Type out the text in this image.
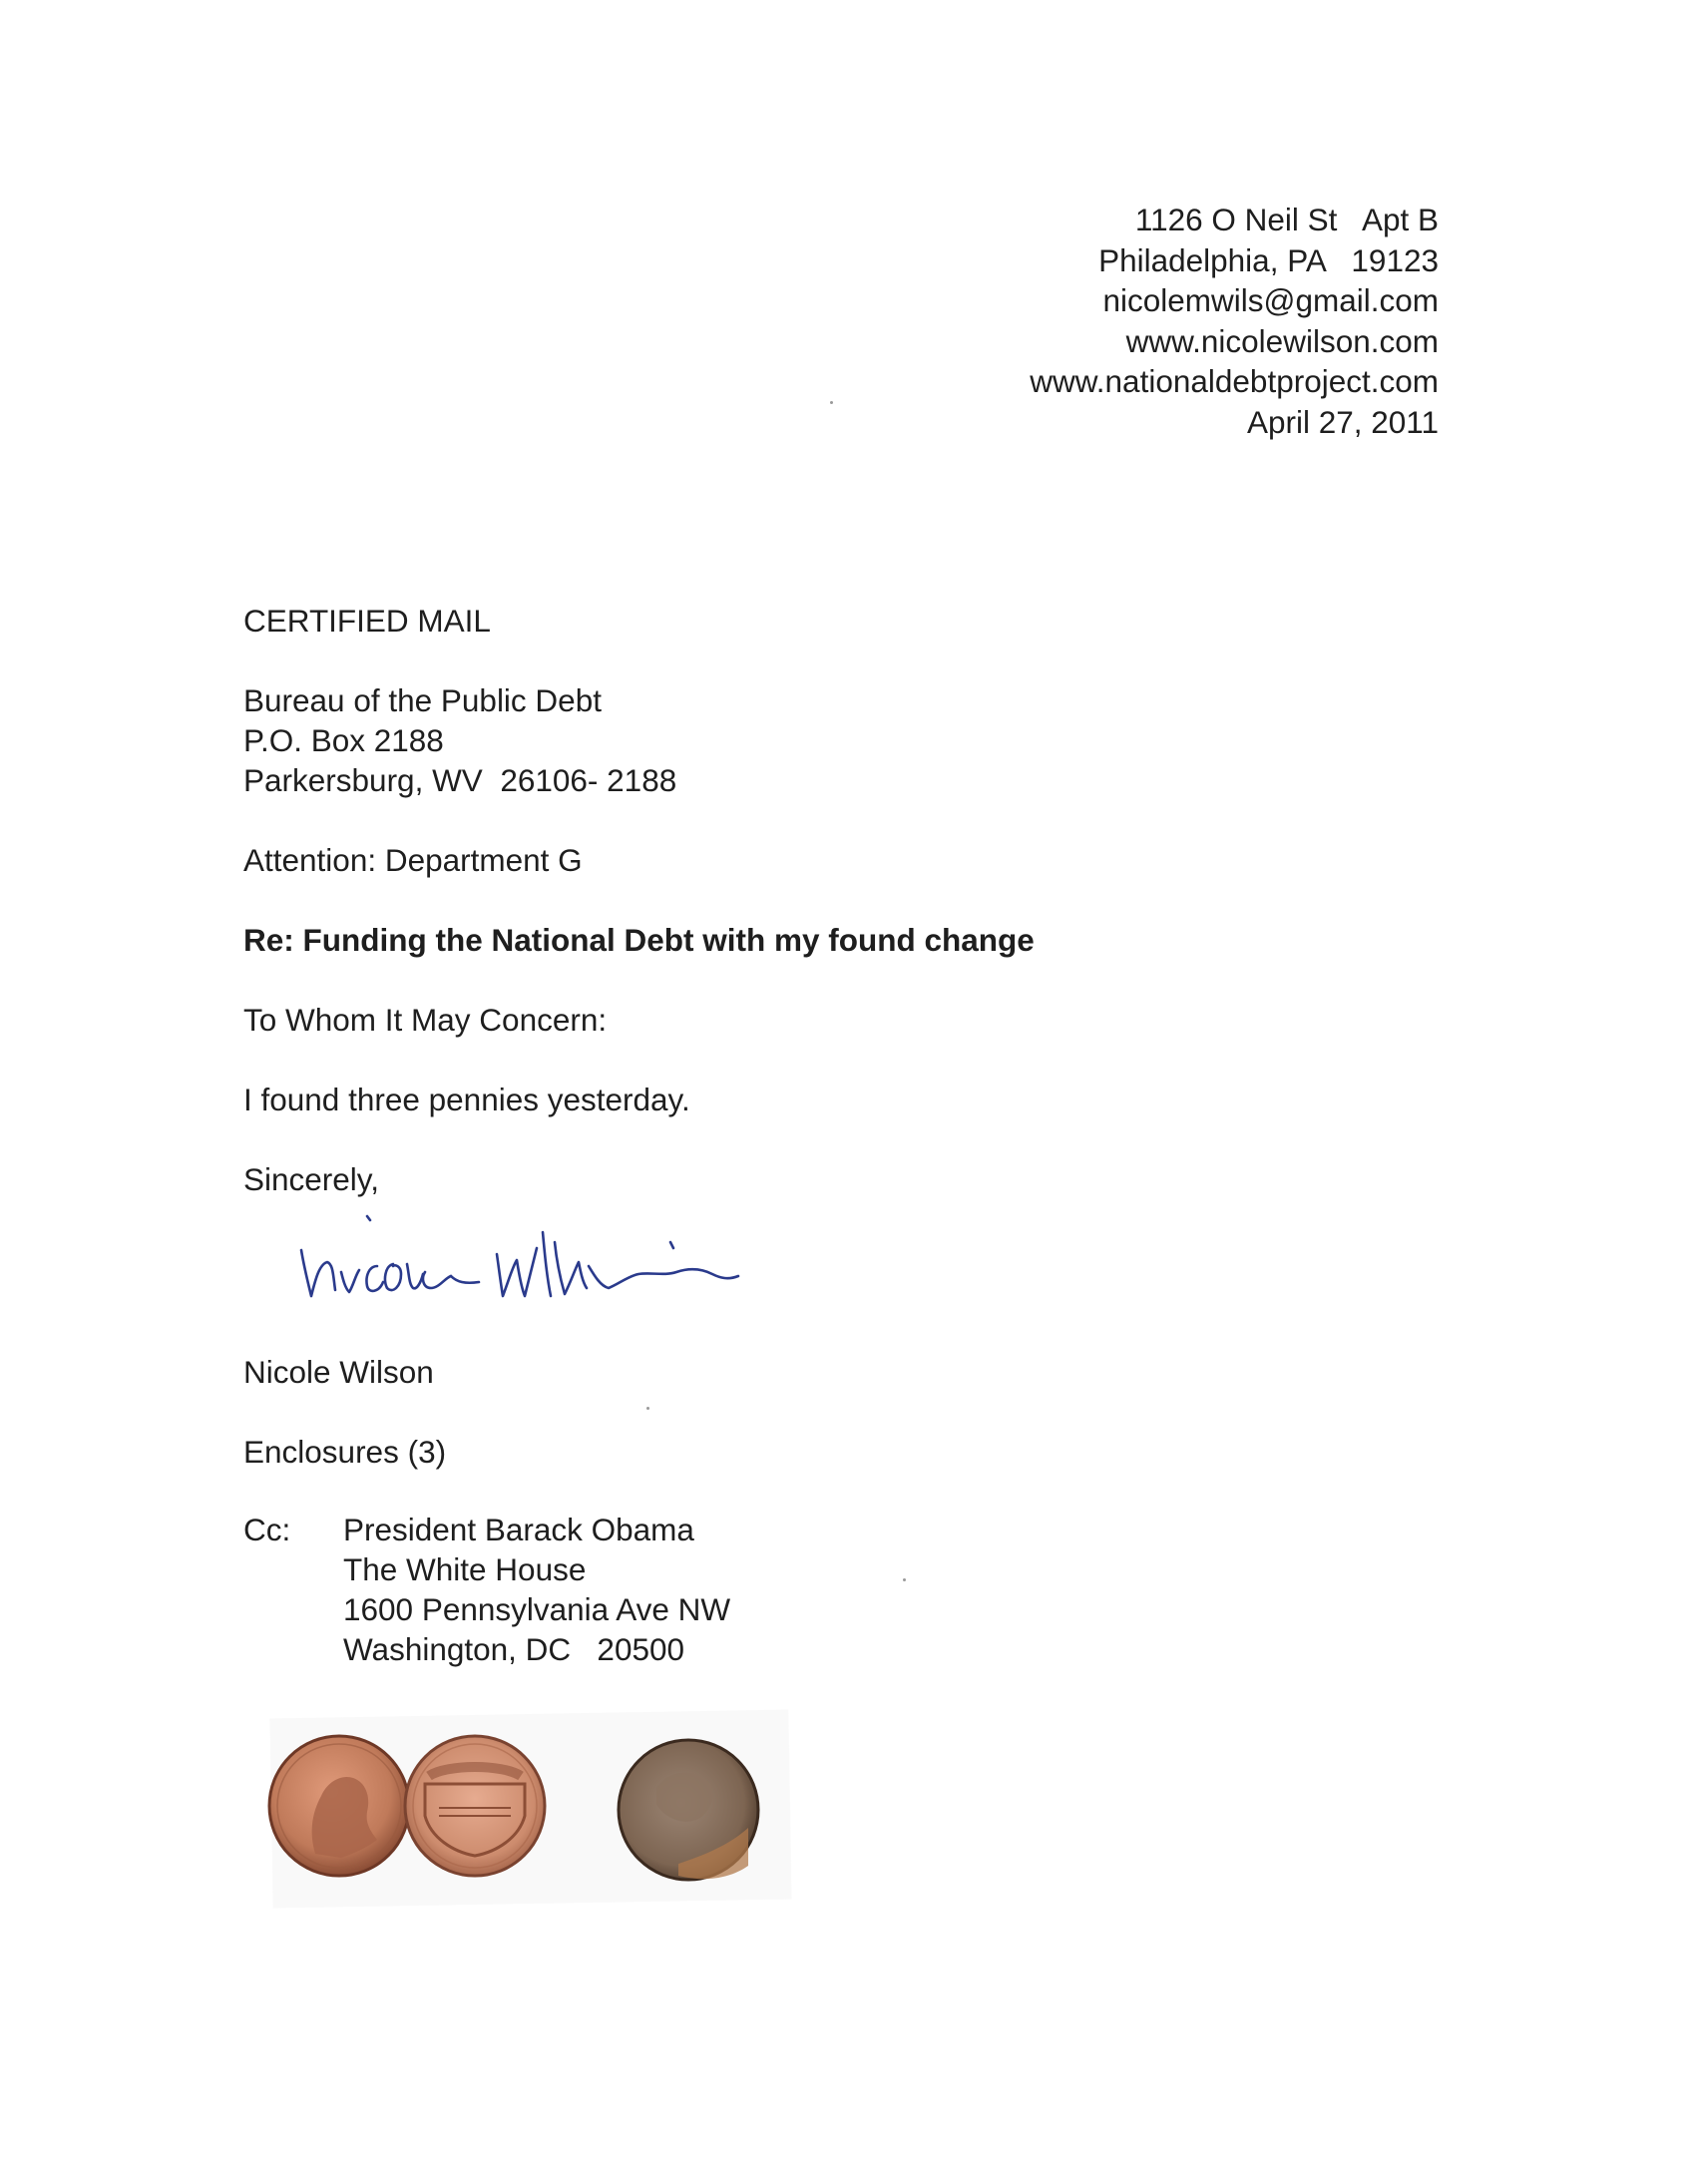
1126 O Neil St   Apt B
Philadelphia, PA   19123
nicolemwils@gmail.com
www.nicolewilson.com
www.nationaldebtproject.com
April 27, 2011

CERTIFIED MAIL

Bureau of the Public Debt

P.O. Box 2188

Parkersburg, WV  26106- 2188

Attention: Department G

Re: Funding the National Debt with my found change

To Whom It May Concern:

I found three pennies yesterday.

Sincerely,

Nicole Wilson

Enclosures (3)

Cc: President Barack Obama
The White House
1600 Pennsylvania Ave NW
Washington, DC   20500
